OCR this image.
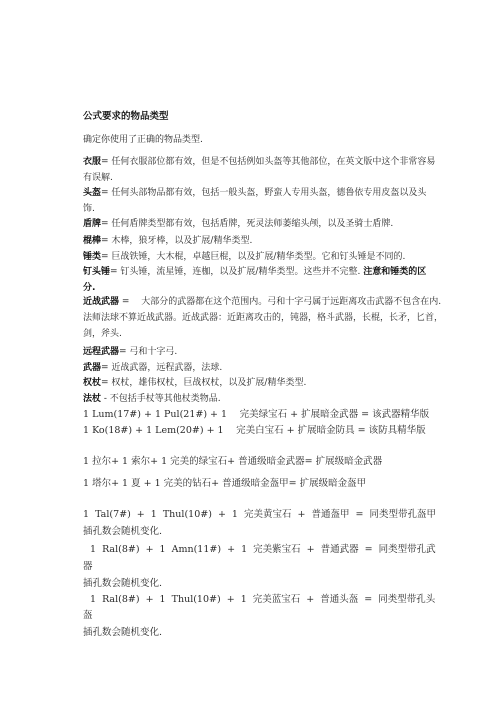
公式要求的物品类型
确定你使用了正确的物品类型.
衣服= 任何衣服部位都有效，但是不包括例如头盔等其他部位，在英文版中这个非常容易
有误解.
头盔= 任何头部物品都有效，包括一般头盔，野蛮人专用头盔，德鲁依专用皮盔以及头
饰.
盾牌= 任何盾牌类型都有效，包括盾牌，死灵法师萎缩头颅，以及圣骑士盾牌.
棍棒= 木棒，狼牙棒，以及扩展/精华类型.
锤类= 巨战铁锤，大木棍，卓越巨棍，以及扩展/精华类型。它和钉头锤是不同的.
钉头锤= 钉头锤，流星锤，连枷，以及扩展/精华类型。这些并不完整. 注意和锤类的区
分.
近战武器 = 　大部分的武器都在这个范围内。弓和十字弓属于远距离攻击武器不包含在内.
法师法球不算近战武器。近战武器：近距离攻击的，钝器，格斗武器，长棍，长矛，匕首，
剑，斧头.
远程武器= 弓和十字弓.
武器= 近战武器，远程武器，法球.
权杖= 权杖，雄伟权杖，巨战权杖，以及扩展/精华类型.
法杖 - 不包括手杖等其他杖类物品.
1 Lum(17#) + 1 Pul(21#) + 1 　完美绿宝石 + 扩展暗金武器 = 该武器精华版
1 Ko(18#) + 1 Lem(20#) + 1 　完美白宝石 + 扩展暗金防具 = 该防具精华版
1 拉尔+ 1 索尔+ 1 完美的绿宝石+ 普通级暗金武器= 扩展级暗金武器
1 塔尔+ 1 夏 + 1 完美的钻石+ 普通级暗金盔甲= 扩展级暗金盔甲
1 Tal(7#) + 1 Thul(10#) + 1 完美黄宝石 + 普通盔甲 = 同类型带孔盔甲
插孔数会随机变化.
1 Ral(8#) + 1 Amn(11#) + 1 完美紫宝石 + 普通武器 = 同类型带孔武
器
插孔数会随机变化.
1 Ral(8#) + 1 Thul(10#) + 1 完美蓝宝石 + 普通头盔 = 同类型带孔头
盔
插孔数会随机变化.
